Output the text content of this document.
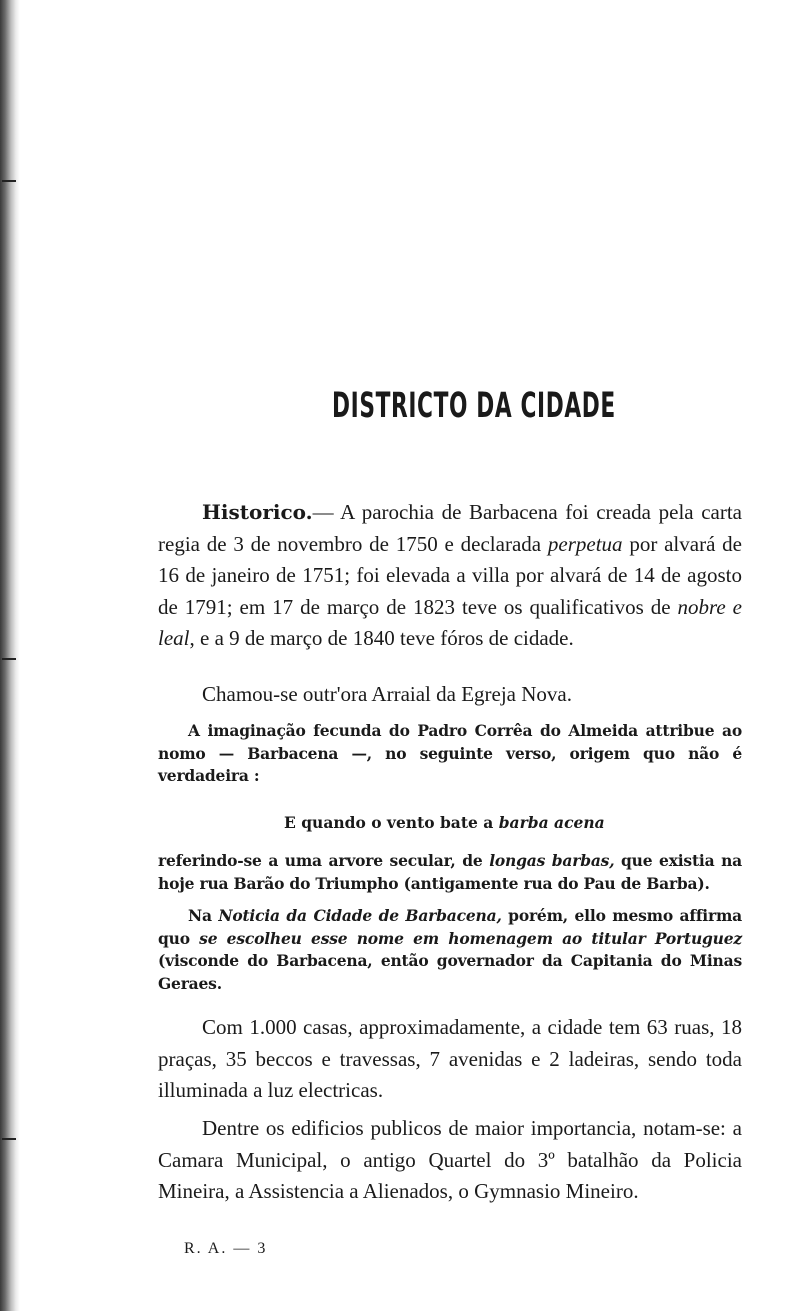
DISTRICTO DA CIDADE

Historico.— A parochia de Barbacena foi creada pela carta regia de 3 de novembro de 1750 e declarada perpetua por alvará de 16 de janeiro de 1751; foi elevada a villa por alvará de 14 de agosto de 1791; em 17 de março de 1823 teve os qualificativos de nobre e leal, e a 9 de março de 1840 teve fóros de cidade.

Chamou-se outr'ora Arraial da Egreja Nova.

A imaginação fecunda do Padro Corrêa do Almeida attribue ao nomo — Barbacena —, no seguinte verso, origem quo não é verdadeira :

E quando o vento bate a barba acena

referindo-se a uma arvore secular, de longas barbas, que existia na hoje rua Barão do Triumpho (antigamente rua do Pau de Barba).

Na Noticia da Cidade de Barbacena, porém, ello mesmo affirma quo se escolheu esse nome em homenagem ao titular Portuguez (visconde do Barbacena, então governador da Capitania do Minas Geraes.

Com 1.000 casas, approximadamente, a cidade tem 63 ruas, 18 praças, 35 beccos e travessas, 7 avenidas e 2 ladeiras, sendo toda illuminada a luz electricas.

Dentre os edificios publicos de maior importancia, notam-se: a Camara Municipal, o antigo Quartel do 3º batalhão da Policia Mineira, a Assistencia a Alienados, o Gymnasio Mineiro.

R. A. — 3
